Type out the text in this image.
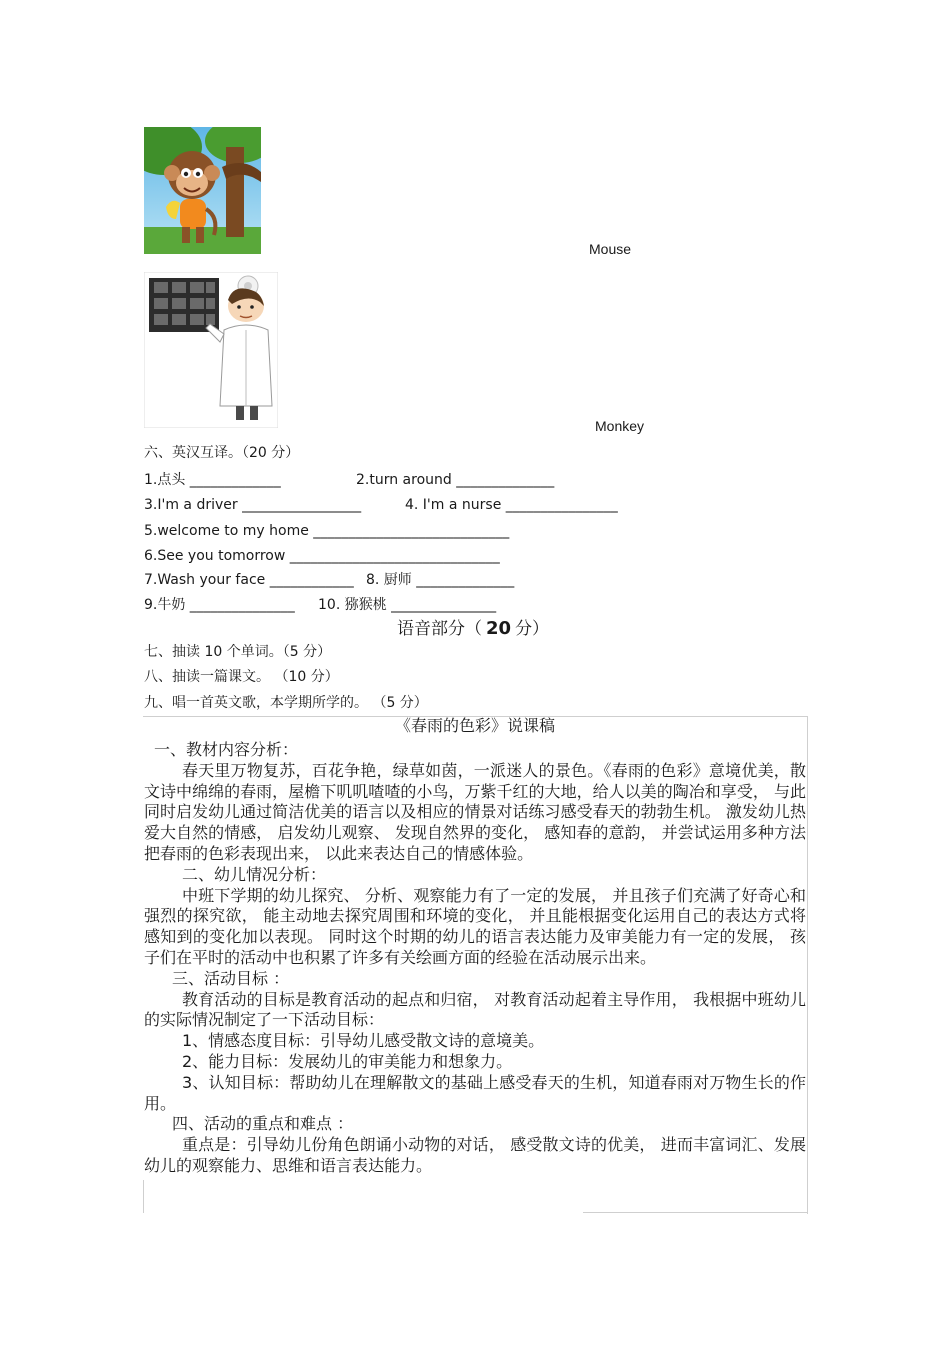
Mouse
Monkey
六、英汉互译。（20 分）
1.点头 _____________	2.turn around ______________
3.I'm a driver _________________	4. I'm a nurse ________________
5.welcome to my home ____________________________
6.See you tomorrow ______________________________
7.Wash your face ____________ 8. 厨师 ______________
9.牛奶 _______________ 10. 猕猴桃 _______________
语音部分（ 20 分）
七、抽读 10 个单词。（5 分）
八、抽读一篇课文。 （10 分）
九、唱一首英文歌，本学期所学的。 （5 分）
《春雨的色彩》说课稿

一、教材内容分析：

春天里万物复苏，百花争艳，绿草如茵，一派迷人的景色。《春雨的色彩》意境优美，散文诗中绵绵的春雨，屋檐下叽叽喳喳的小鸟，万紫千红的大地，给人以美的陶冶和享受， 与此同时启发幼儿通过简洁优美的语言以及相应的情景对话练习感受春天的勃勃生机。 激发幼儿热爱大自然的情感， 启发幼儿观察、 发现自然界的变化， 感知春的意韵， 并尝试运用多种方法把春雨的色彩表现出来， 以此来表达自己的情感体验。

二、幼儿情况分析：

中班下学期的幼儿探究、 分析、观察能力有了一定的发展， 并且孩子们充满了好奇心和强烈的探究欲， 能主动地去探究周围和环境的变化， 并且能根据变化运用自己的表达方式将感知到的变化加以表现。 同时这个时期的幼儿的语言表达能力及审美能力有一定的发展， 孩子们在平时的活动中也积累了许多有关绘画方面的经验在活动展示出来。

三、活动目标 ：

教育活动的目标是教育活动的起点和归宿， 对教育活动起着主导作用， 我根据中班幼儿的实际情况制定了一下活动目标：

1、情感态度目标：引导幼儿感受散文诗的意境美。

2、能力目标：发展幼儿的审美能力和想象力。

3、认知目标：帮助幼儿在理解散文的基础上感受春天的生机，知道春雨对万物生长的作用。

四、活动的重点和难点 ：

重点是：引导幼儿份角色朗诵小动物的对话， 感受散文诗的优美， 进而丰富词汇、发展幼儿的观察能力、思维和语言表达能力。
